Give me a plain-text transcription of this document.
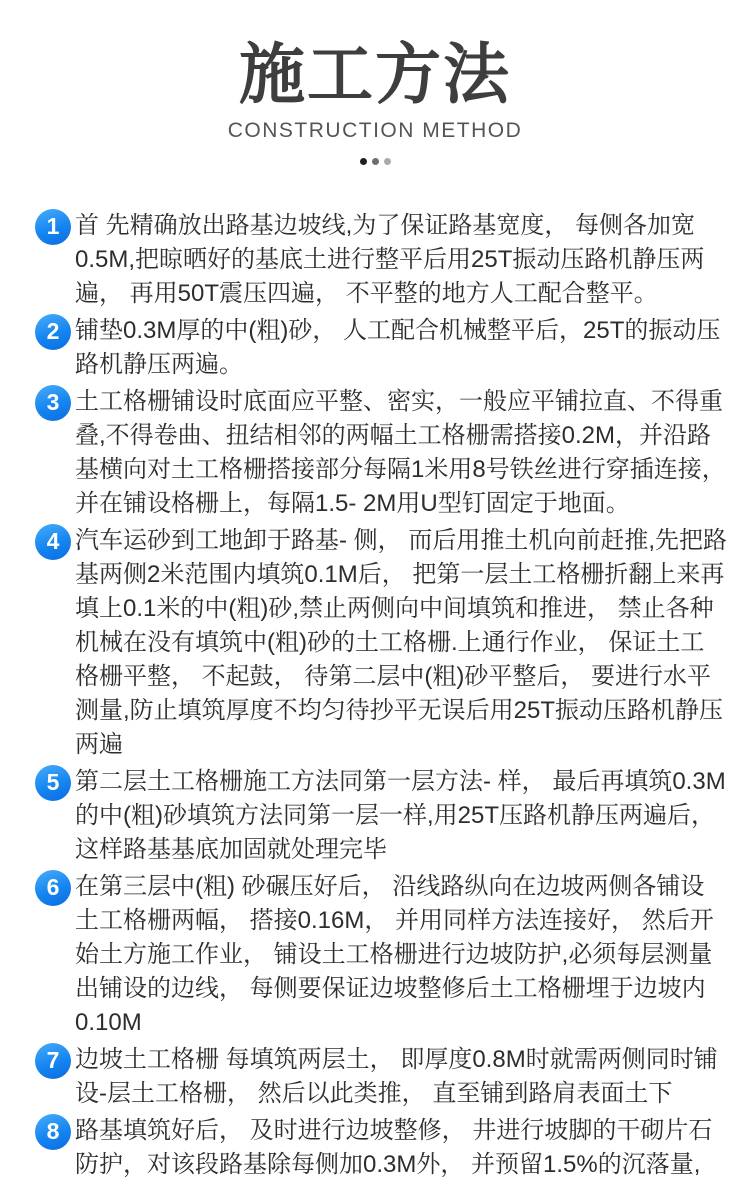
施工方法
CONSTRUCTION METHOD
1 首 先精确放出路基边坡线,为了保证路基宽度， 每侧各加宽0.5M,把晾晒好的基底土进行整平后用25T振动压路机静压两遍， 再用50T震压四遍， 不平整的地方人工配合整平。
2 铺垫0.3M厚的中(粗)砂， 人工配合机械整平后，25T的振动压路机静压两遍。
3 土工格栅铺设时底面应平整、密实，一般应平铺拉直、不得重叠,不得卷曲、扭结相邻的两幅土工格栅需搭接0.2M，并沿路基横向对土工格栅搭接部分每隔1米用8号铁丝进行穿插连接，并在铺设格栅上，每隔1.5- 2M用U型钉固定于地面。
4 汽车运砂到工地卸于路基- 侧， 而后用推土机向前赶推,先把路基两侧2米范围内填筑0.1M后， 把第一层土工格栅折翻上来再填上0.1米的中(粗)砂,禁止两侧向中间填筑和推进， 禁止各种机械在没有填筑中(粗)砂的土工格栅.上通行作业， 保证土工格栅平整， 不起鼓， 待第二层中(粗)砂平整后， 要进行水平测量,防止填筑厚度不均匀待抄平无误后用25T振动压路机静压两遍
5 第二层土工格栅施工方法同第一层方法- 样， 最后再填筑0.3M的中(粗)砂填筑方法同第一层一样,用25T压路机静压两遍后， 这样路基基底加固就处理完毕
6 在第三层中(粗) 砂碾压好后， 沿线路纵向在边坡两侧各铺设土工格栅两幅， 搭接0.16M， 并用同样方法连接好， 然后开始土方施工作业， 铺设土工格栅进行边坡防护,必须每层测量出铺设的边线， 每侧要保证边坡整修后土工格栅埋于边坡内0.10M
7 边坡土工格栅 每填筑两层土， 即厚度0.8M时就需两侧同时铺设-层土工格栅， 然后以此类推， 直至铺到路肩表面土下
8 路基填筑好后， 及时进行边坡整修， 井进行坡脚的干砌片石防护，对该段路基除每侧加0.3M外， 并预留1.5%的沉落量,
